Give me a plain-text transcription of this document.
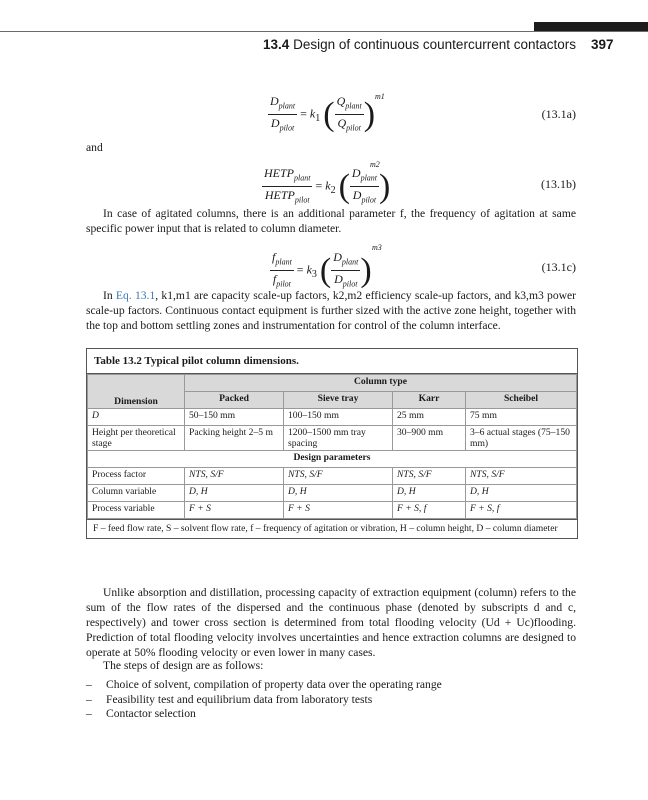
13.4 Design of continuous countercurrent contactors 397
$\frac{D_{plant}}{D_{pilot}} = k_1$ ( $\frac{Q_{plant}}{Q_{pilot}}$ ) m1
(13.1a)

and

$\frac{HETP_{plant}}{HETP_{pilot}} = k_2$ ( $\frac{D_{plant}}{D_{pilot}}$ )
m2
(13.1b)

In case of agitated columns, there is an additional parameter f, the frequency of agitation at same specific power input that is related to column diameter.

$\frac{f_{plant}}{f_{pilot}} = k_3$ ( $\frac{D_{plant}}{D_{pilot}}$ )
m3
(13.1c)

In Eq. 13.1, k1,m1 are capacity scale-up factors, k2,m2 efficiency scale-up factors, and k3,m3 power scale-up factors. Continuous contact equipment is further sized with the active zone height, together with the top and bottom settling zones and instrumentation for control of the column interface.

Table 13.2 Typical pilot column dimensions.
Dimension	Column type			
	Packed	Sieve tray	Karr	Scheibel
D	50–150 mm	100–150 mm	25 mm	75 mm
Height per theoretical stage	Packing height 2–5 m	1200–1500 mm tray spacing	30–900 mm	3–6 actual stages (75–150 mm)
Design parameters				
Process factor	NTS, S/F	NTS, S/F	NTS, S/F	NTS, S/F
Column variable	D, H	D, H	D, H	D, H
Process variable	F + S	F + S	F + S, f	F + S, f
F – feed flow rate, S – solvent flow rate, f – frequency of agitation or vibration, H – column height, D – column diameter

Unlike absorption and distillation, processing capacity of extraction equipment (column) refers to the sum of the flow rates of the dispersed and the continuous phase (denoted by subscripts d and c, respectively) and tower cross section is determined from total flooding velocity (Ud + Uc)flooding. Prediction of total flooding velocity involves uncertainties and hence extraction columns are designed to operate at 50% flooding velocity or even lower in many cases.

The steps of design are as follows:

– Choice of solvent, compilation of property data over the operating range
– Feasibility test and equilibrium data from laboratory tests
– Contactor selection
